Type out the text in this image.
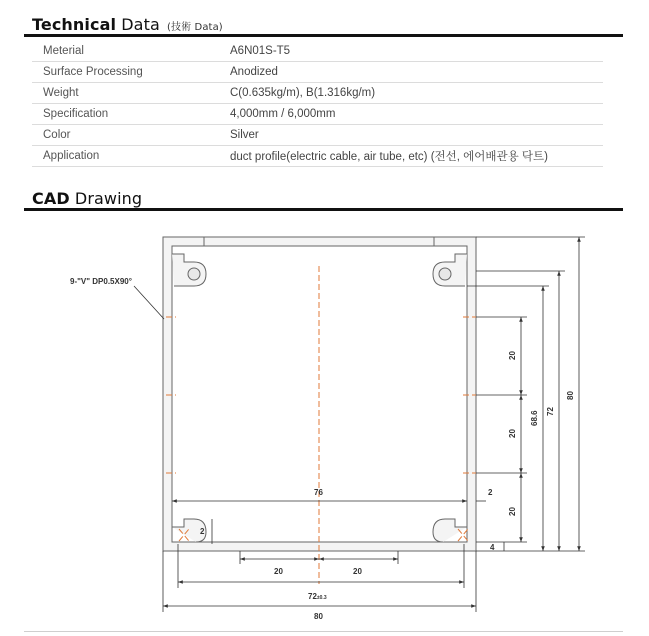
Technical Data (技術 Data)
Meterial	A6N01S-T5
Surface Processing	Anodized
Weight	C(0.635kg/m), B(1.316kg/m)
Specification	4,000mm / 6,000mm
Color	Silver
Application	duct profile(electric cable, air tube, etc) (전선, 에어배관용 닥트)
CAD Drawing
9-"V" DP0.5X90°
76	2
2
4
20	20
72±0.3
80
20
20
20
68.6 72
80
